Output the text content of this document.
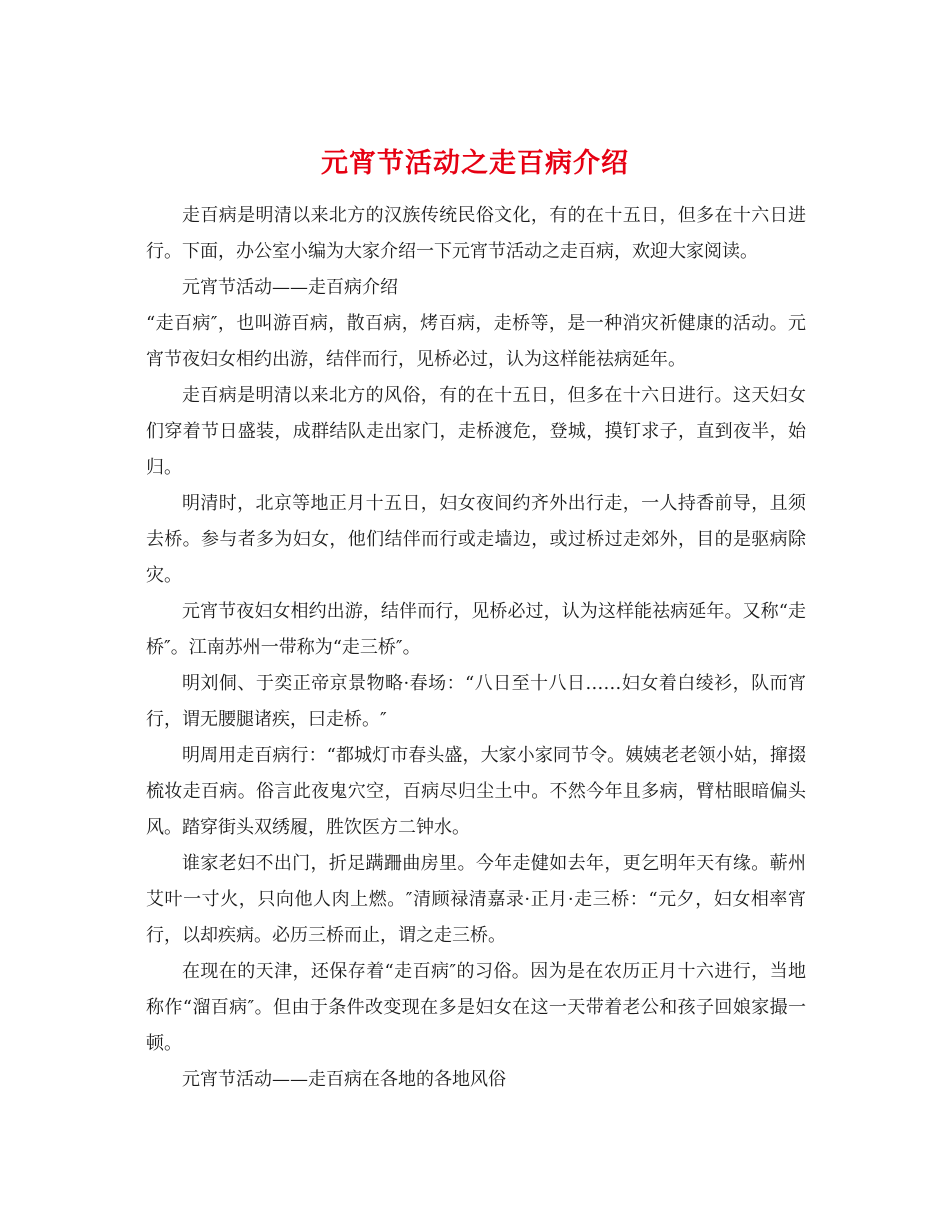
元宵节活动之走百病介绍

走百病是明清以来北方的汉族传统民俗文化，有的在十五日，但多在十六日进行。下面，办公室小编为大家介绍一下元宵节活动之走百病，欢迎大家阅读。

元宵节活动——走百病介绍

“走百病″，也叫游百病，散百病，烤百病，走桥等，是一种消灾祈健康的活动。元宵节夜妇女相约出游，结伴而行，见桥必过，认为这样能祛病延年。

走百病是明清以来北方的风俗，有的在十五日，但多在十六日进行。这天妇女们穿着节日盛装，成群结队走出家门，走桥渡危，登城，摸钉求子，直到夜半，始归。

明清时，北京等地正月十五日，妇女夜间约齐外出行走，一人持香前导，且须去桥。参与者多为妇女，他们结伴而行或走墙边，或过桥过走郊外，目的是驱病除灾。

元宵节夜妇女相约出游，结伴而行，见桥必过，认为这样能祛病延年。又称“走桥″。江南苏州一带称为“走三桥″。

明刘侗、于奕正帝京景物略·春场：“八日至十八日……妇女着白绫衫，队而宵行，谓无腰腿诸疾，曰走桥。″

明周用走百病行：“都城灯市春头盛，大家小家同节令。姨姨老老领小姑，撺掇梳妆走百病。俗言此夜鬼穴空，百病尽归尘土中。不然今年且多病，臂枯眼暗偏头风。踏穿街头双绣履，胜饮医方二钟水。

谁家老妇不出门，折足蹒跚曲房里。今年走健如去年，更乞明年天有缘。蕲州艾叶一寸火，只向他人肉上燃。″清顾禄清嘉录·正月·走三桥：“元夕，妇女相率宵行，以却疾病。必历三桥而止，谓之走三桥。

在现在的天津，还保存着“走百病″的习俗。因为是在农历正月十六进行，当地称作“溜百病″。但由于条件改变现在多是妇女在这一天带着老公和孩子回娘家撮一顿。

元宵节活动——走百病在各地的各地风俗
